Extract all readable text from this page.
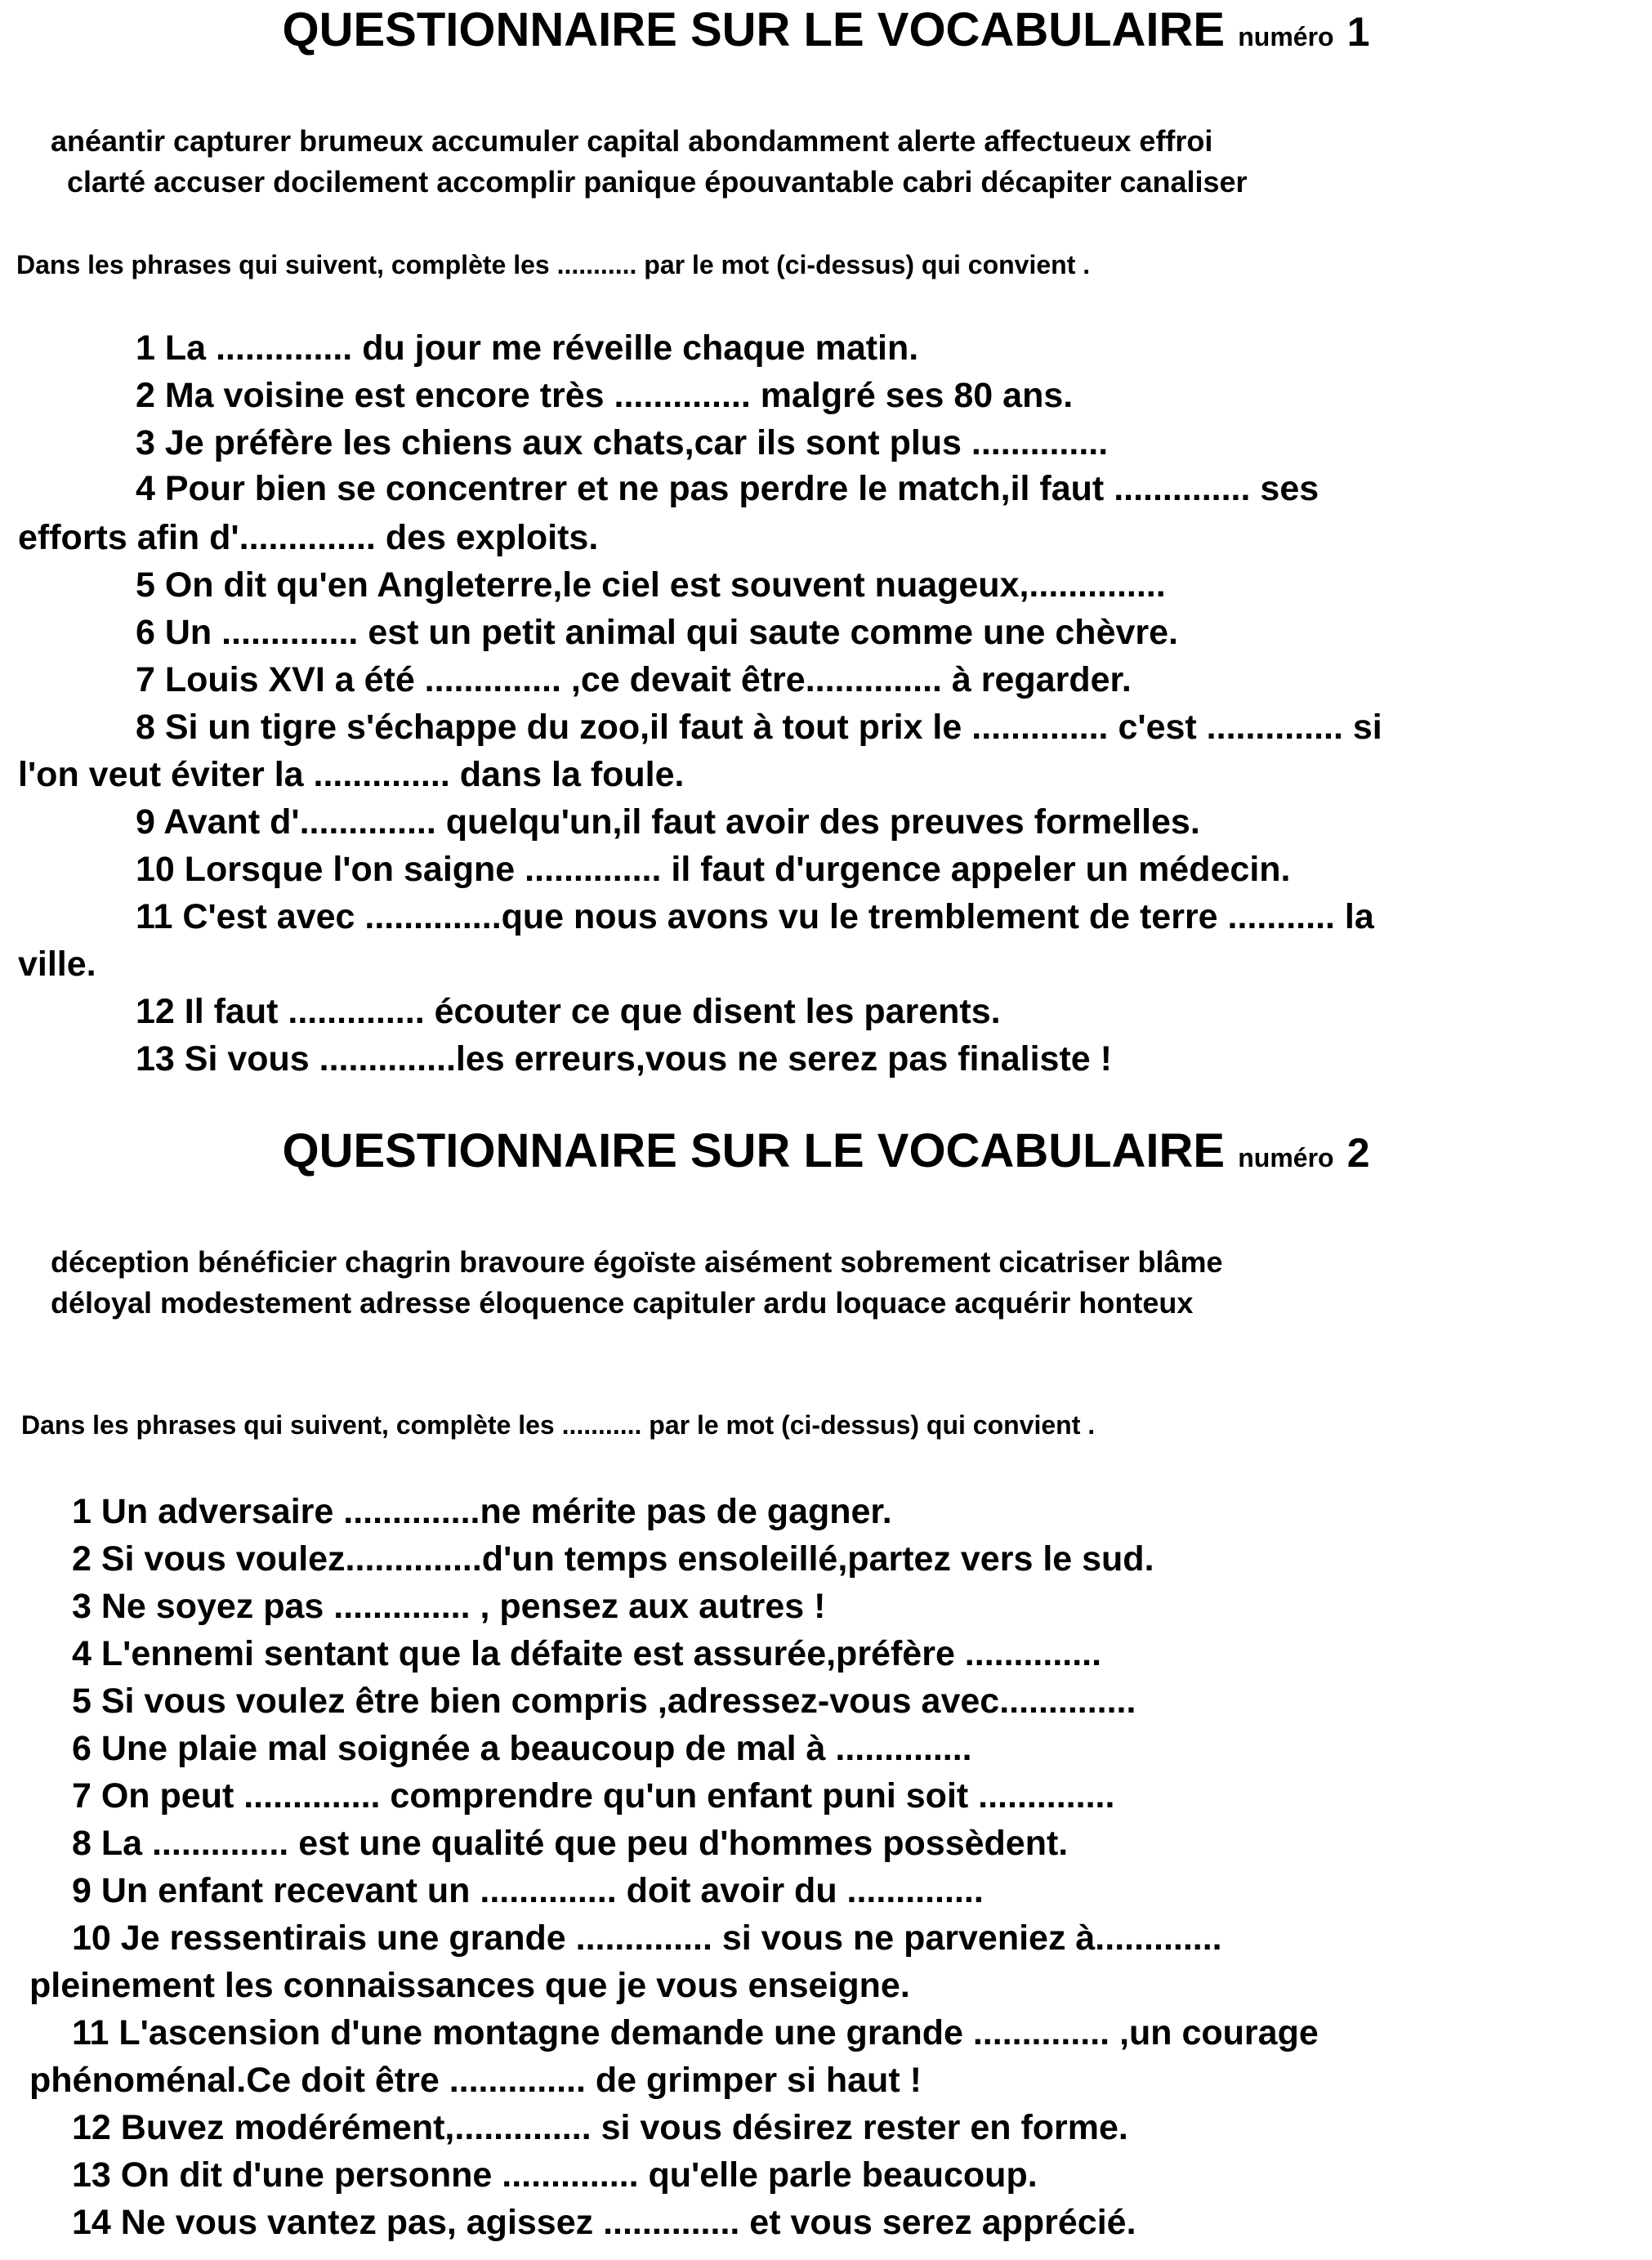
QUESTIONNAIRE SUR LE VOCABULAIRE numéro 1
anéantir capturer brumeux accumuler capital abondamment alerte affectueux effroi
clarté accuser docilement accomplir panique épouvantable cabri décapiter canaliser
Dans les phrases qui suivent, complète les ........... par le mot (ci-dessus) qui convient .
1 La .............. du jour me réveille chaque matin.
2 Ma voisine est encore très .............. malgré ses 80 ans.
3 Je préfère les chiens aux chats,car ils sont plus ..............
4 Pour bien se concentrer et ne pas perdre le match,il faut .............. ses
efforts afin d'.............. des exploits.
5 On dit qu'en Angleterre,le ciel est souvent nuageux,..............
6 Un .............. est un petit animal qui saute comme une chèvre.
7 Louis XVI a été .............. ,ce devait être.............. à regarder.
8 Si un tigre s'échappe du zoo,il faut à tout prix le .............. c'est .............. si
l'on veut éviter la .............. dans la foule.
9 Avant d'.............. quelqu'un,il faut avoir des preuves formelles.
10 Lorsque l'on saigne .............. il faut d'urgence appeler un médecin.
11 C'est avec ..............que nous avons vu le tremblement de terre ........... la
ville.
12 Il faut .............. écouter ce que disent les parents.
13 Si vous ..............les erreurs,vous ne serez pas finaliste !
QUESTIONNAIRE SUR LE VOCABULAIRE numéro 2
déception bénéficier chagrin bravoure égoïste aisément sobrement cicatriser blâme
déloyal modestement adresse éloquence capituler ardu loquace acquérir honteux
Dans les phrases qui suivent, complète les ........... par le mot (ci-dessus) qui convient .
1 Un adversaire ..............ne mérite pas de gagner.
2 Si vous voulez..............d'un temps ensoleillé,partez vers le sud.
3 Ne soyez pas .............. , pensez aux autres !
4 L'ennemi sentant que la défaite est assurée,préfère ..............
5 Si vous voulez être bien compris ,adressez-vous avec..............
6 Une plaie mal soignée a beaucoup de mal à ..............
7 On peut .............. comprendre qu'un enfant puni soit ..............
8 La .............. est une qualité que peu d'hommes possèdent.
9 Un enfant recevant un .............. doit avoir du ..............
10 Je ressentirais une grande .............. si vous ne parveniez à.............
pleinement les connaissances que je vous enseigne.
11 L'ascension d'une montagne demande une grande .............. ,un courage
phénoménal.Ce doit être .............. de grimper si haut !
12 Buvez modérément,.............. si vous désirez rester en forme.
13 On dit d'une personne .............. qu'elle parle beaucoup.
14 Ne vous vantez pas, agissez .............. et vous serez apprécié.
